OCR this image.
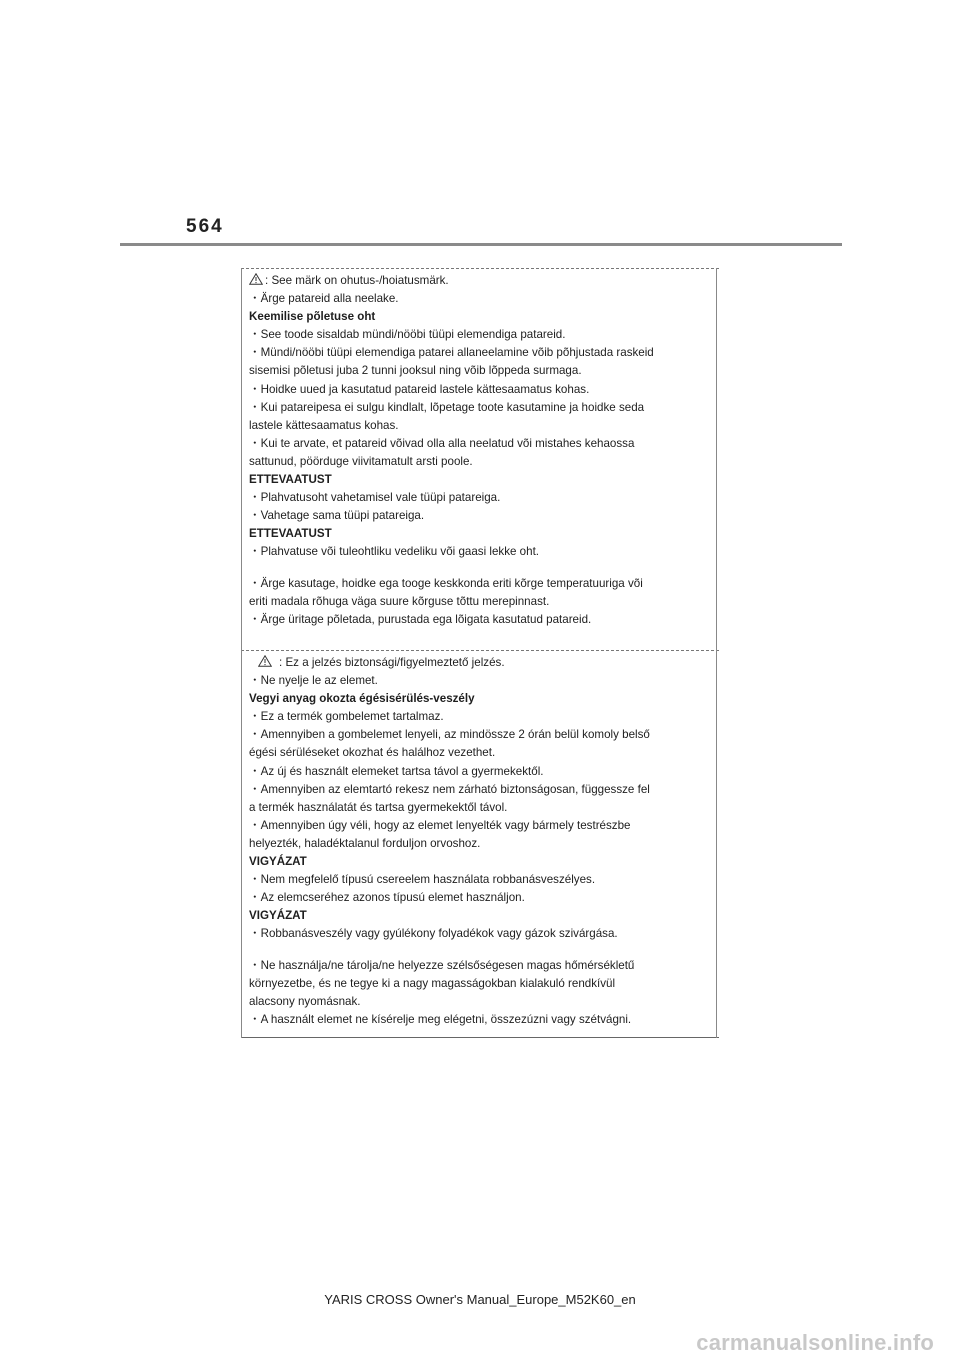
564
: See märk on ohutus-/hoiatusmärk.
・Ärge patareid alla neelake.
Keemilise põletuse oht
・See toode sisaldab mündi/nööbi tüüpi elemendiga patareid.
・Mündi/nööbi tüüpi elemendiga patarei allaneelamine võib põhjustada raskeid
sisemisi põletusi juba 2 tunni jooksul ning võib lõppeda surmaga.
・Hoidke uued ja kasutatud patareid lastele kättesaamatus kohas.
・Kui patareipesa ei sulgu kindlalt, lõpetage toote kasutamine ja hoidke seda
lastele kättesaamatus kohas.
・Kui te arvate, et patareid võivad olla alla neelatud või mistahes kehaossa
sattunud, pöörduge viivitamatult arsti poole.
ETTEVAATUST
・Plahvatusoht vahetamisel vale tüüpi patareiga.
・Vahetage sama tüüpi patareiga.
ETTEVAATUST
・Plahvatuse või tuleohtliku vedeliku või gaasi lekke oht.
・Ärge kasutage, hoidke ega tooge keskkonda eriti kõrge temperatuuriga või
eriti madala rõhuga väga suure kõrguse tõttu merepinnast.
・Ärge üritage põletada, purustada ega lõigata kasutatud patareid.
: Ez a jelzés biztonsági/figyelmeztető jelzés.
・Ne nyelje le az elemet.
Vegyi anyag okozta égésisérülés-veszély
・Ez a termék gombelemet tartalmaz.
・Amennyiben a gombelemet lenyeli, az mindössze 2 órán belül komoly belső
égési sérüléseket okozhat és halálhoz vezethet.
・Az új és használt elemeket tartsa távol a gyermekektől.
・Amennyiben az elemtartó rekesz nem zárható biztonságosan, függessze fel
a termék használatát és tartsa gyermekektől távol.
・Amennyiben úgy véli, hogy az elemet lenyelték vagy bármely testrészbe
helyezték, haladéktalanul forduljon orvoshoz.
VIGYÁZAT
・Nem megfelelő típusú csereelem használata robbanásveszélyes.
・Az elemcseréhez azonos típusú elemet használjon.
VIGYÁZAT
・Robbanásveszély vagy gyúlékony folyadékok vagy gázok szivárgása.
・Ne használja/ne tárolja/ne helyezze szélsőségesen magas hőmérsékletű
környezetbe, és ne tegye ki a nagy magasságokban kialakuló rendkívül
alacsony nyomásnak.
・A használt elemet ne kísérelje meg elégetni, összezúzni vagy szétvágni.
YARIS CROSS Owner's Manual_Europe_M52K60_en
carmanualsonline.info
